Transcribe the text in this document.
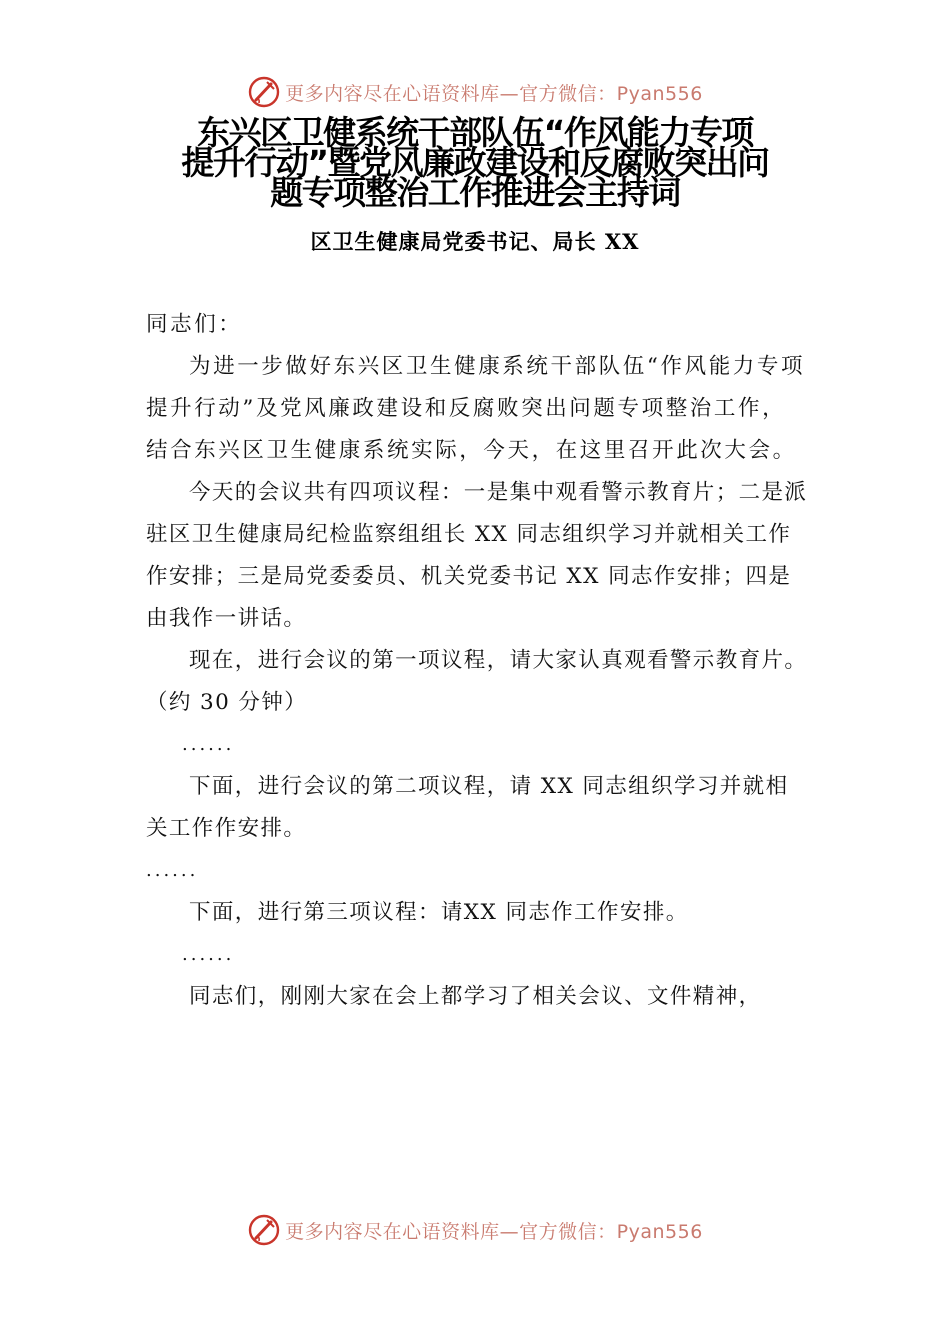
更多内容尽在心语资料库—官方微信：Pyan556
东兴区卫健系统干部队伍“作风能力专项
提升行动”暨党风廉政建设和反腐败突出问
题专项整治工作推进会主持词
区卫生健康局党委书记、局长 XX

同志们：

为进一步做好东兴区卫生健康系统干部队伍“作风能力专项提升行动”及党风廉政建设和反腐败突出问题专项整治工作，结合东兴区卫生健康系统实际，今天，在这里召开此次大会。

今天的会议共有四项议程：一是集中观看警示教育片；二是派驻区卫生健康局纪检监察组组长 XX 同志组织学习并就相关工作作安排；三是局党委委员、机关党委书记 XX 同志作安排；四是由我作一讲话。

现在，进行会议的第一项议程，请大家认真观看警示教育片。（约 30 分钟）

......

下面，进行会议的第二项议程，请 XX 同志组织学习并就相关工作作安排。

......

下面，进行第三项议程：请XX 同志作工作安排。

......

同志们，刚刚大家在会上都学习了相关会议、文件精神，

更多内容尽在心语资料库—官方微信：Pyan556
